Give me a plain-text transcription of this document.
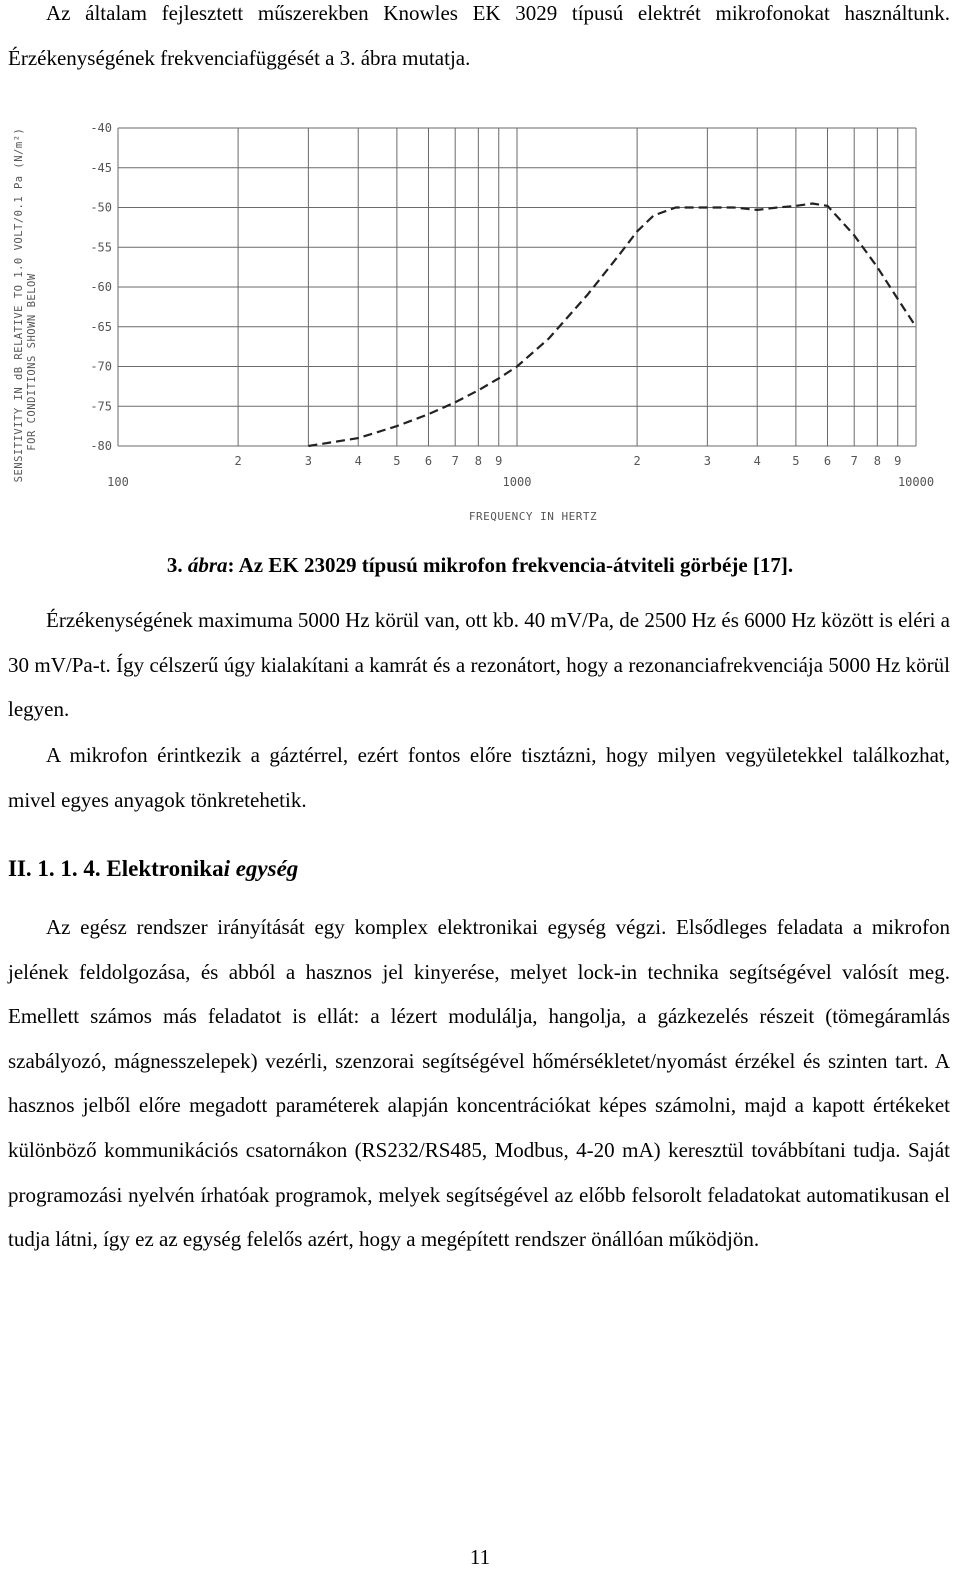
Az általam fejlesztett műszerekben Knowles EK 3029 típusú elektrét mikrofonokat használtunk. Érzékenységének frekvenciafüggését a 3. ábra mutatja.

-40
-45
-50
-55
-60
-65
-70
-75
-80
2	3	4	5 6 7 8 9	2	3	4	5 6 7 8 9
100	1000	10000
SENSITIVITY IN dB RELATIVE TO 1.0 VOLT/0.1 Pa (N/m²) FOR CONDITIONS SHOWN BELOW
FREQUENCY IN HERTZ
3. ábra: Az EK 23029 típusú mikrofon frekvencia-átviteli görbéje [17].

Érzékenységének maximuma 5000 Hz körül van, ott kb. 40 mV/Pa, de 2500 Hz és 6000 Hz között is eléri a 30 mV/Pa-t. Így célszerű úgy kialakítani a kamrát és a rezonátort, hogy a rezonanciafrekvenciája 5000 Hz körül legyen.

A mikrofon érintkezik a gáztérrel, ezért fontos előre tisztázni, hogy milyen vegyületekkel találkozhat, mivel egyes anyagok tönkretehetik.

II. 1. 1. 4. Elektronikai egység

Az egész rendszer irányítását egy komplex elektronikai egység végzi. Elsődleges feladata a mikrofon jelének feldolgozása, és abból a hasznos jel kinyerése, melyet lock-in technika segítségével valósít meg. Emellett számos más feladatot is ellát: a lézert modulálja, hangolja, a gázkezelés részeit (tömegáramlás szabályozó, mágnesszelepek) vezérli, szenzorai segítségével hőmérsékletet/nyomást érzékel és szinten tart. A hasznos jelből előre megadott paraméterek alapján koncentrációkat képes számolni, majd a kapott értékeket különböző kommunikációs csatornákon (RS232/RS485, Modbus, 4-20 mA) keresztül továbbítani tudja. Saját programozási nyelvén írhatóak programok, melyek segítségével az előbb felsorolt feladatokat automatikusan el tudja látni, így ez az egység felelős azért, hogy a megépített rendszer önállóan működjön.

11
